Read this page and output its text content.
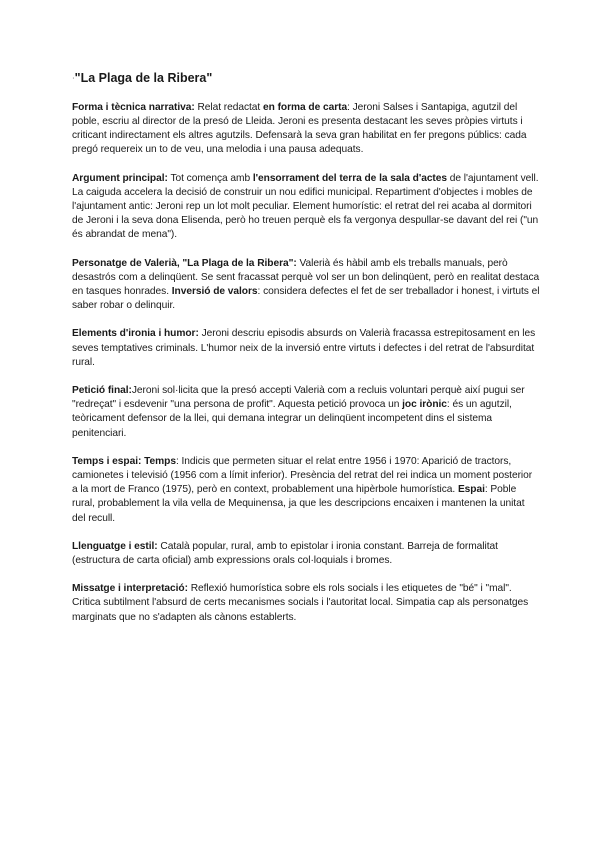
·"La Plaga de la Ribera"

Forma i tècnica narrativa: Relat redactat en forma de carta: Jeroni Salses i Santapiga, agutzil del poble, escriu al director de la presó de Lleida. Jeroni es presenta destacant les seves pròpies virtuts i criticant indirectament els altres agutzils. Defensarà la seva gran habilitat en fer pregons públics: cada pregó requereix un to de veu, una melodia i una pausa adequats.

Argument principal: Tot comença amb l'ensorrament del terra de la sala d'actes de l'ajuntament vell. La caiguda accelera la decisió de construir un nou edifici municipal. Repartiment d'objectes i mobles de l'ajuntament antic: Jeroni rep un lot molt peculiar. Element humorístic: el retrat del rei acaba al dormitori de Jeroni i la seva dona Elisenda, però ho treuen perquè els fa vergonya despullar-se davant del rei ("un és abrandat de mena").

Personatge de Valerià, "La Plaga de la Ribera": Valerià és hàbil amb els treballs manuals, però desastrós com a delinqüent. Se sent fracassat perquè vol ser un bon delinqüent, però en realitat destaca en tasques honrades. Inversió de valors: considera defectes el fet de ser treballador i honest, i virtuts el saber robar o delinquir.

Elements d'ironia i humor: Jeroni descriu episodis absurds on Valerià fracassa estrepitosament en les seves temptatives criminals. L'humor neix de la inversió entre virtuts i defectes i del retrat de l'absurditat rural.

Petició final:Jeroni sol·licita que la presó accepti Valerià com a recluis voluntari perquè així pugui ser "redreçat" i esdevenir "una persona de profit". Aquesta petició provoca un joc irònic: és un agutzil, teòricament defensor de la llei, qui demana integrar un delinqüent incompetent dins el sistema penitenciari.

Temps i espai: Temps: Indicis que permeten situar el relat entre 1956 i 1970: Aparició de tractors, camionetes i televisió (1956 com a límit inferior). Presència del retrat del rei indica un moment posterior a la mort de Franco (1975), però en context, probablement una hipèrbole humorística. Espai: Poble rural, probablement la vila vella de Mequinensa, ja que les descripcions encaixen i mantenen la unitat del recull.

Llenguatge i estil: Català popular, rural, amb to epistolar i ironia constant. Barreja de formalitat (estructura de carta oficial) amb expressions orals col·loquials i bromes.

Missatge i interpretació: Reflexió humorística sobre els rols socials i les etiquetes de "bé" i "mal". Critica subtilment l'absurd de certs mecanismes socials i l'autoritat local. Simpatia cap als personatges marginats que no s'adapten als cànons establerts.
